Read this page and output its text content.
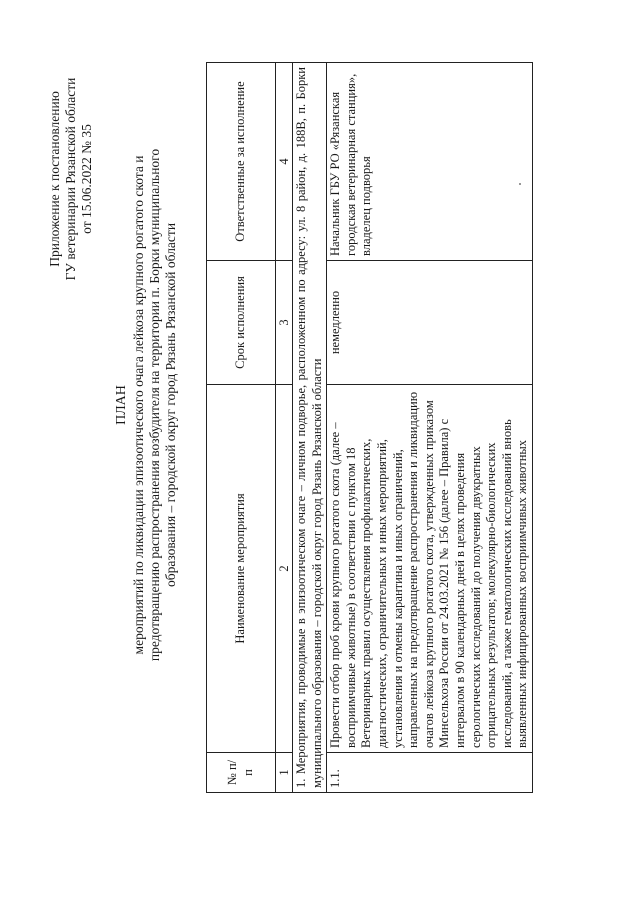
Приложение к постановлению ГУ ветеринарии Рязанской области от 15.06.2022 № 35
ПЛАН мероприятий по ликвидации эпизоотического очага лейкоза крупного рогатого скота и предотвращению распространения возбудителя на территории п. Борки муниципального образования – городской округ город Рязань Рязанской области
№ п/п	Наименование мероприятия	Срок исполнения	Ответственные за исполнение
1	2	3	4
1. Мероприятия, проводимые в эпизоотическом очаге – личном подворье, расположенном по адресу: ул. 8 район, д. 188В, п. Борки муниципального образования – городской округ город Рязань Рязанской области			
1.1.	Провести отбор проб крови крупного рогатого скота (далее – восприимчивые животные) в соответствии с пунктом 18 Ветеринарных правил осуществления профилактических, диагностических, ограничительных и иных мероприятий, установления и отмены карантина и иных ограничений, направленных на предотвращение распространения и ликвидацию очагов лейкоза крупного рогатого скота, утвержденных приказом Минсельхоза России от 24.03.2021 № 156 (далее – Правила) с интервалом в 90 календарных дней в целях проведения серологических исследований до получения двукратных отрицательных результатов; молекулярно-биологических исследований, а также гематологических исследований вновь выявленных инфицированных восприимчивых животных	немедленно	Начальник ГБУ РО «Рязанская городская ветеринарная станция», владелец подворья
